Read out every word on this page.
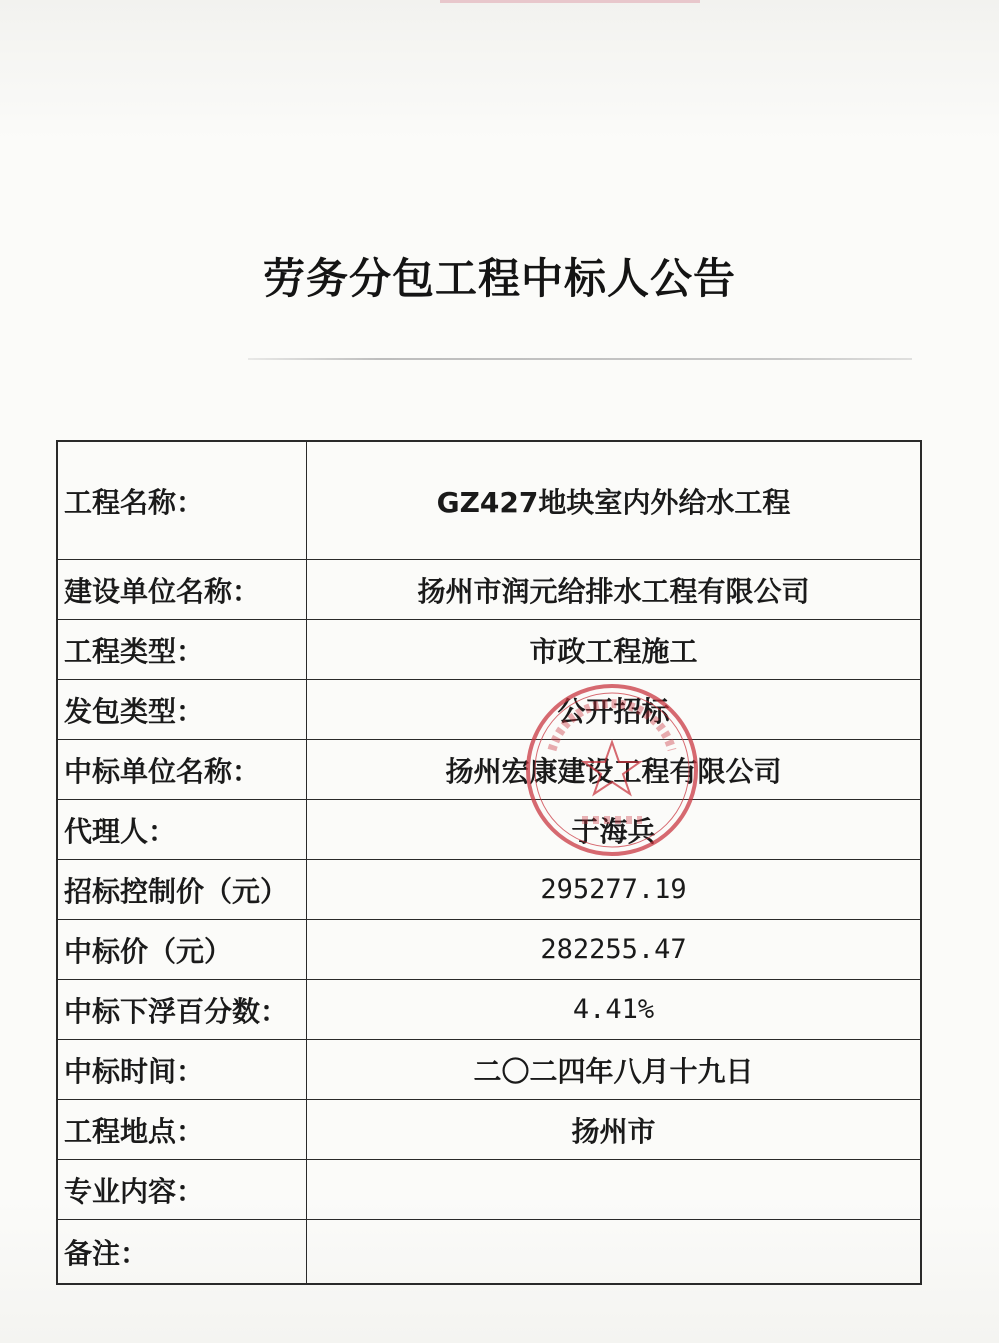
劳务分包工程中标人公告
工程名称：	GZ427地块室内外给水工程
建设单位名称：	扬州市润元给排水工程有限公司
工程类型：	市政工程施工
发包类型：	公开招标
中标单位名称：	扬州宏康建设工程有限公司
代理人：	于海兵
招标控制价（元）	295277.19
中标价（元）	282255.47
中标下浮百分数：	4.41%
中标时间：	二〇二四年八月十九日
工程地点：	扬州市
专业内容：	
备注：	
